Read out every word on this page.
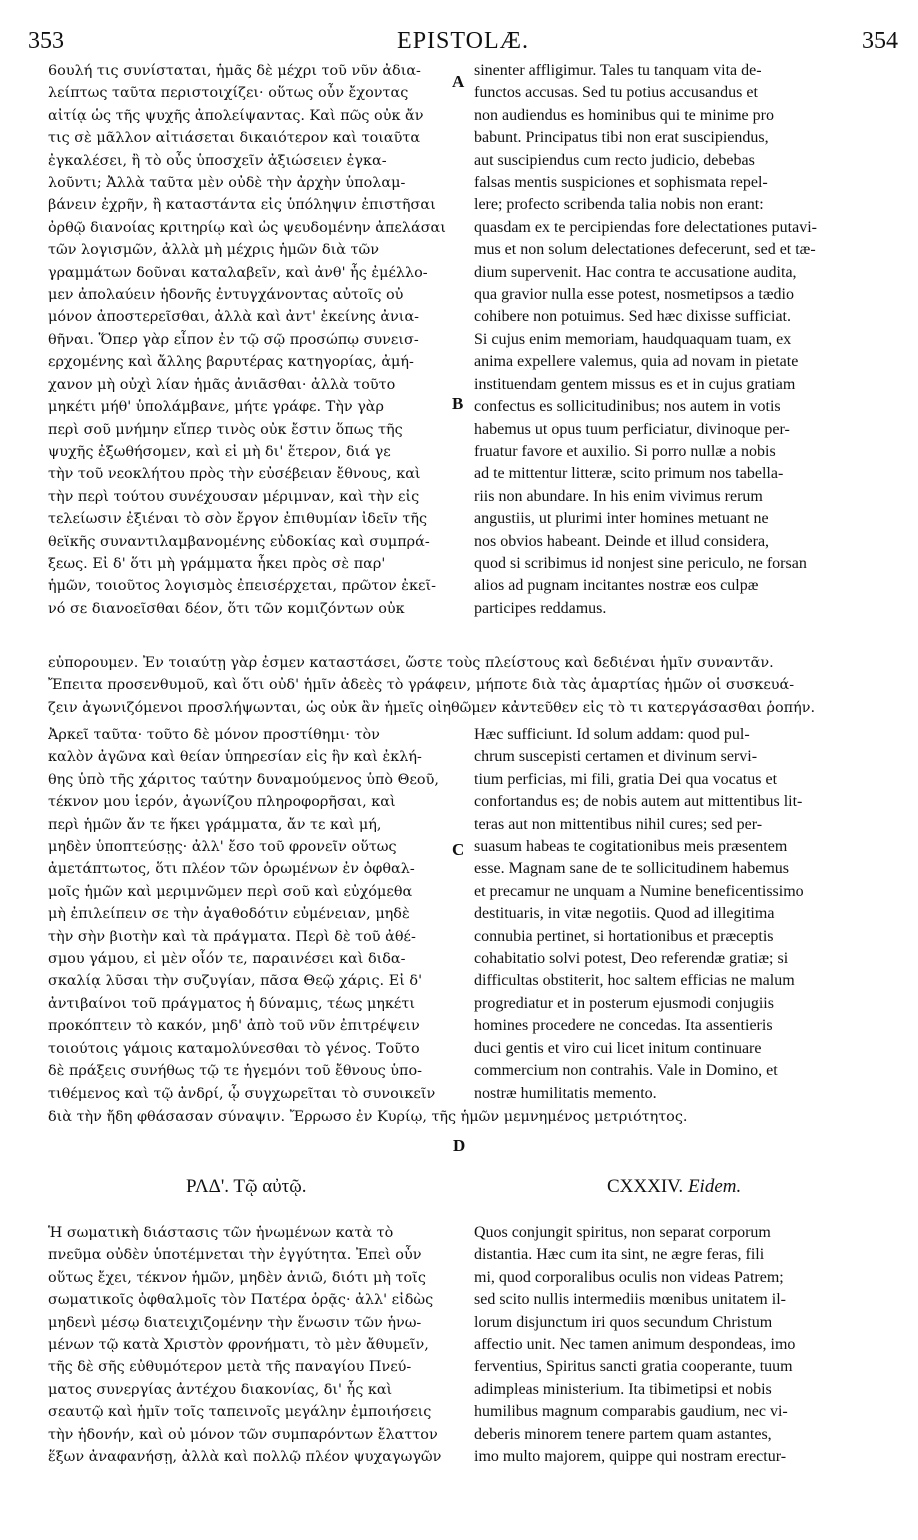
353	EPISTOLÆ.	354
6ουλή τις συνίσταται, ἡμᾶς δὲ μέχρι τοῦ νῦν ἀδια-
λείπτως ταῦτα περιστοιχίζει· οὕτως οὖν ἔχοντας
αἰτίᾳ ὡς τῆς ψυχῆς ἀπολείψαντας. Καὶ πῶς οὐκ ἄν
τις σὲ μᾶλλον αἰτιάσεται δικαιότερον καὶ τοιαῦτα
ἐγκαλέσει, ἢ τὸ οὖς ὑποσχεῖν ἀξιώσειεν ἐγκα-
λοῦντι; Ἀλλὰ ταῦτα μὲν οὐδὲ τὴν ἀρχὴν ὑπολαμ-
βάνειν ἐχρῆν, ἢ καταστάντα εἰς ὑπόληψιν ἐπιστῆσαι
ὀρθῷ διανοίας κριτηρίῳ καὶ ὡς ψευδομένην ἀπελάσαι
τῶν λογισμῶν, ἀλλὰ μὴ μέχρις ἡμῶν διὰ τῶν
γραμμάτων δοῦναι καταλαβεῖν, καὶ ἀνθ' ἧς ἐμέλλο-
μεν ἀπολαύειν ἡδονῆς ἐντυγχάνοντας αὐτοῖς οὐ
μόνον ἀποστερεῖσθαι, ἀλλὰ καὶ ἀντ' ἐκείνης ἀνια-
θῆναι. Ὅπερ γὰρ εἶπον ἐν τῷ σῷ προσώπῳ συνεισ-
ερχομένης καὶ ἄλλης βαρυτέρας κατηγορίας, ἀμή-
χανον μὴ οὐχὶ λίαν ἡμᾶς ἀνιᾶσθαι· ἀλλὰ τοῦτο
μηκέτι μήθ' ὑπολάμβανε, μήτε γράφε. Τὴν γὰρ
περὶ σοῦ μνήμην εἴπερ τινὸς οὐκ ἔστιν ὅπως τῆς
ψυχῆς ἐξωθήσομεν, καὶ εἰ μὴ δι' ἕτερον, διά γε
τὴν τοῦ νεοκλήτου πρὸς τὴν εὐσέβειαν ἔθνους, καὶ
τὴν περὶ τούτου συνέχουσαν μέριμναν, καὶ τὴν εἰς
τελείωσιν ἐξιέναι τὸ σὸν ἔργον ἐπιθυμίαν ἰδεῖν τῆς
θεϊκῆς συναντιλαμβανομένης εὐδοκίας καὶ συμπρά-
ξεως. Εἰ δ' ὅτι μὴ γράμματα ἧκει πρὸς σὲ παρ'
ἡμῶν, τοιοῦτος λογισμὸς ἐπεισέρχεται, πρῶτον ἐκεῖ-
νό σε διανοεῖσθαι δέον, ὅτι τῶν κομιζόντων οὐκ
sinenter affligimur. Tales tu tanquam vita de-
functos accusas. Sed tu potius accusandus et
non audiendus es hominibus qui te minime pro
babunt. Principatus tibi non erat suscipiendus,
aut suscipiendus cum recto judicio, debebas
falsas mentis suspiciones et sophismata repel-
lere; profecto scribenda talia nobis non erant:
quasdam ex te percipiendas fore delectationes putavi-
mus et non solum delectationes defecerunt, sed et tæ-
dium supervenit. Hac contra te accusatione audita,
qua gravior nulla esse potest, nosmetipsos a tædio
cohibere non potuimus. Sed hæc dixisse sufficiat.
Si cujus enim memoriam, haudquaquam tuam, ex
anima expellere valemus, quia ad novam in pietate
instituendam gentem missus es et in cujus gratiam
confectus es sollicitudinibus; nos autem in votis
habemus ut opus tuum perficiatur, divinoque per-
fruatur favore et auxilio. Si porro nullæ a nobis
ad te mittentur litteræ, scito primum nos tabella-
riis non abundare. In his enim vivimus rerum
angustiis, ut plurimi inter homines metuant ne
nos obvios habeant. Deinde et illud considera,
quod si scribimus id nonjest sine periculo, ne forsan
alios ad pugnam incitantes nostræ eos culpæ
participes reddamus.
A
B
εὐπορουμεν. Ἐν τοιαύτῃ γὰρ ἐσμεν καταστάσει, ὥστε τοὺς πλείστους καὶ δεδιέναι ἡμῖν συναντᾶν.
Ἔπειτα προσενθυμοῦ, καὶ ὅτι οὐδ' ἡμῖν ἀδεὲς τὸ γράφειν, μήποτε διὰ τὰς ἁμαρτίας ἡμῶν οἱ συσκευά-
ζειν ἀγωνιζόμενοι προσλήψωνται, ὡς οὐκ ἂν ἡμεῖς οἰηθῶμεν κἀντεῦθεν εἰς τὸ τι κατεργάσασθαι ῥοπήν.
Ἀρκεῖ ταῦτα· τοῦτο δὲ μόνον προστίθημι· τὸν
καλὸν ἀγῶνα καὶ θείαν ὑπηρεσίαν εἰς ἣν καὶ ἐκλή-
θης ὑπὸ τῆς χάριτος ταύτην δυναμούμενος ὑπὸ Θεοῦ,
τέκνον μου ἱερόν, ἀγωνίζου πληροφορῆσαι, καὶ
περὶ ἡμῶν ἄν τε ἥκει γράμματα, ἄν τε καὶ μή,
μηδὲν ὑποπτεύσῃς· ἀλλ' ἔσο τοῦ φρονεῖν οὕτως
ἀμετάπτωτος, ὅτι πλέον τῶν ὁρωμένων ἐν ὀφθαλ-
μοῖς ἡμῶν καὶ μεριμνῶμεν περὶ σοῦ καὶ εὐχόμεθα
μὴ ἐπιλείπειν σε τὴν ἀγαθοδότιν εὐμένειαν, μηδὲ
τὴν σὴν βιοτὴν καὶ τὰ πράγματα. Περὶ δὲ τοῦ ἀθέ-
σμου γάμου, εἰ μὲν οἷόν τε, παραινέσει καὶ διδα-
σκαλίᾳ λῦσαι τὴν συζυγίαν, πᾶσα Θεῷ χάρις. Εἰ δ'
ἀντιβαίνοι τοῦ πράγματος ἡ δύναμις, τέως μηκέτι
προκόπτειν τὸ κακόν, μηδ' ἀπὸ τοῦ νῦν ἐπιτρέψειν
τοιούτοις γάμοις καταμολύνεσθαι τὸ γένος. Τοῦτο
δὲ πράξεις συνήθως τῷ τε ἡγεμόνι τοῦ ἔθνους ὑπο-
τιθέμενος καὶ τῷ ἀνδρί, ᾧ συγχωρεῖται τὸ συνοικεῖν
Hæc sufficiunt. Id solum addam: quod pul-
chrum suscepisti certamen et divinum servi-
tium perficias, mi fili, gratia Dei qua vocatus et
confortandus es; de nobis autem aut mittentibus lit-
teras aut non mittentibus nihil cures; sed per-
suasum habeas te cogitationibus meis præsentem
esse. Magnam sane de te sollicitudinem habemus
et precamur ne unquam a Numine beneficentissimo
destituaris, in vitæ negotiis. Quod ad illegitima
connubia pertinet, si hortationibus et præceptis
cohabitatio solvi potest, Deo referendæ gratiæ; si
difficultas obstiterit, hoc saltem efficias ne malum
progrediatur et in posterum ejusmodi conjugiis
homines procedere ne concedas. Ita assentieris
duci gentis et viro cui licet initum continuare
commercium non contrahis. Vale in Domino, et
nostræ humilitatis memento.
C
διὰ τὴν ἤδη φθάσασαν σύναψιν. Ἔρρωσο ἐν Κυρίῳ, τῆς ἡμῶν μεμνημένος μετριότητος.
D
ΡΛΔ'. Τῷ αὐτῷ.	CXXXIV. Eidem.
Ἡ σωματικὴ διάστασις τῶν ἡνωμένων κατὰ τὸ
πνεῦμα οὐδὲν ὑποτέμνεται τὴν ἐγγύτητα. Ἐπεὶ οὖν
οὕτως ἔχει, τέκνον ἡμῶν, μηδὲν ἀνιῶ, διότι μὴ τοῖς
σωματικοῖς ὀφθαλμοῖς τὸν Πατέρα ὁρᾷς· ἀλλ' εἰδὼς
μηδενὶ μέσῳ διατειχιζομένην τὴν ἕνωσιν τῶν ἡνω-
μένων τῷ κατὰ Χριστὸν φρονήματι, τὸ μὲν ἄθυμεῖν,
τῆς δὲ σῆς εὐθυμότερον μετὰ τῆς παναγίου Πνεύ-
ματος συνεργίας ἀντέχου διακονίας, δι' ἧς καὶ
σεαυτῷ καὶ ἡμῖν τοῖς ταπεινοῖς μεγάλην ἐμποιήσεις
τὴν ἡδονήν, καὶ οὐ μόνον τῶν συμπαρόντων ἔλαττον
ἕξων ἀναφανήσῃ, ἀλλὰ καὶ πολλῷ πλέον ψυχαγωγῶν
Quos conjungit spiritus, non separat corporum
distantia. Hæc cum ita sint, ne ægre feras, fili
mi, quod corporalibus oculis non videas Patrem;
sed scito nullis intermediis mœnibus unitatem il-
lorum disjunctum iri quos secundum Christum
affectio unit. Nec tamen animum despondeas, imo
ferventius, Spiritus sancti gratia cooperante, tuum
adimpleas ministerium. Ita tibimetipsi et nobis
humilibus magnum comparabis gaudium, nec vi-
deberis minorem tenere partem quam astantes,
imo multo majorem, quippe qui nostram erectur-
